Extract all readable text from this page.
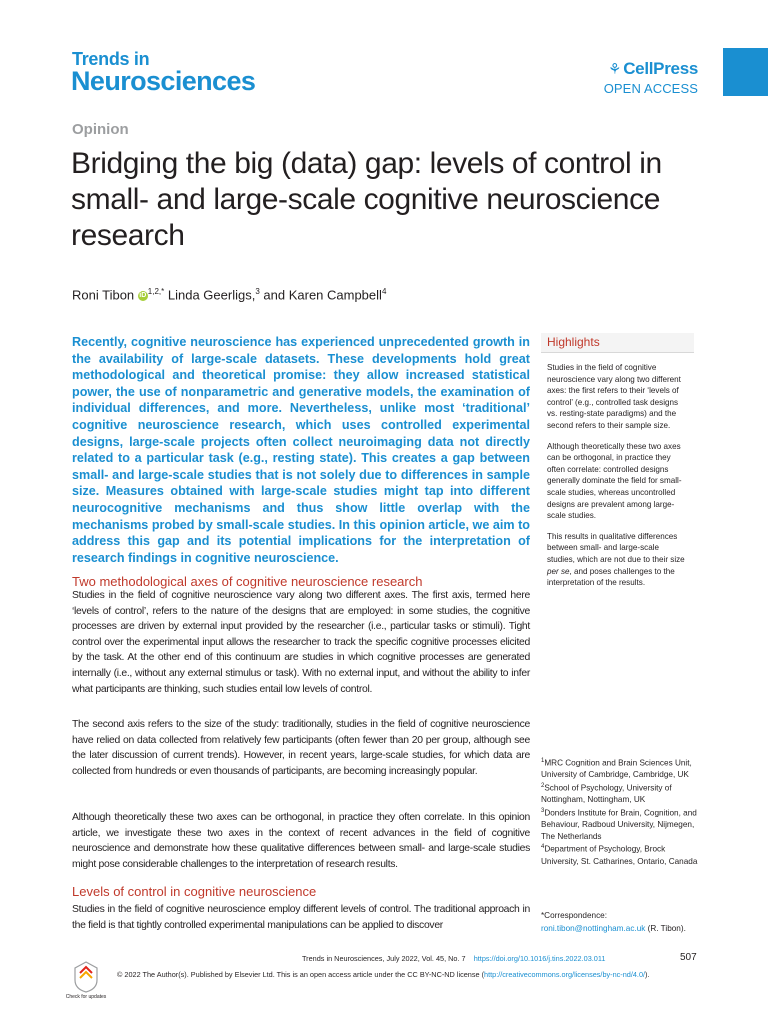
Trends in
Neurosciences	⚘ CellPress
OPEN ACCESS
Opinion
Bridging the big (data) gap: levels of control in small- and large-scale cognitive neuroscience research
Roni Tibon iD $^{1,2,*}$ Linda Geerligs,$^3$ and Karen Campbell$^4$
Recently, cognitive neuroscience has experienced unprecedented growth in the availability of large-scale datasets. These developments hold great methodological and theoretical promise: they allow increased statistical power, the use of nonparametric and generative models, the examination of individual differences, and more. Nevertheless, unlike most ‘traditional’ cognitive neuroscience research, which uses controlled experimental designs, large-scale projects often collect neuroimaging data not directly related to a particular task (e.g., resting state). This creates a gap between small- and large-scale studies that is not solely due to differences in sample size. Measures obtained with large-scale studies might tap into different neurocognitive mechanisms and thus show little overlap with the mechanisms probed by small-scale studies. In this opinion article, we aim to address this gap and its potential implications for the interpretation of research findings in cognitive neuroscience.
Highlights
Studies in the field of cognitive neuroscience vary along two different axes: the first refers to their ‘levels of control’ (e.g., controlled task designs vs. resting-state paradigms) and the second refers to their sample size.
Although theoretically these two axes can be orthogonal, in practice they often correlate: controlled designs generally dominate the field for small-scale studies, whereas uncontrolled designs are prevalent among large-scale studies.
This results in qualitative differences between small- and large-scale studies, which are not due to their size per se, and poses challenges to the interpretation of the results.
Two methodological axes of cognitive neuroscience research
Studies in the field of cognitive neuroscience vary along two different axes. The first axis, termed here ‘levels of control’, refers to the nature of the designs that are employed: in some studies, the cognitive processes are driven by external input provided by the researcher (i.e., particular tasks or stimuli). Tight control over the experimental input allows the researcher to track the specific cognitive processes elicited by the task. At the other end of this continuum are studies in which cognitive processes are generated internally (i.e., without any external stimulus or task). With no external input, and without the ability to infer what participants are thinking, such studies entail low levels of control.
The second axis refers to the size of the study: traditionally, studies in the field of cognitive neuroscience have relied on data collected from relatively few participants (often fewer than 20 per group, although see the later discussion of current trends). However, in recent years, large-scale studies, for which data are collected from hundreds or even thousands of participants, are becoming increasingly popular.
Although theoretically these two axes can be orthogonal, in practice they often correlate. In this opinion article, we investigate these two axes in the context of recent advances in the field of cognitive neuroscience and demonstrate how these qualitative differences between small- and large-scale studies might pose considerable challenges to the interpretation of research results.
Levels of control in cognitive neuroscience
Studies in the field of cognitive neuroscience employ different levels of control. The traditional approach in the field is that tightly controlled experimental manipulations can be applied to discover
$^1$MRC Cognition and Brain Sciences Unit, University of Cambridge, Cambridge, UK
$^2$School of Psychology, University of Nottingham, Nottingham, UK
$^3$Donders Institute for Brain, Cognition, and Behaviour, Radboud University, Nijmegen, The Netherlands
$^4$Department of Psychology, Brock University, St. Catharines, Ontario, Canada
*Correspondence:
roni.tibon@nottingham.ac.uk (R. Tibon).
Trends in Neurosciences, July 2022, Vol. 45, No. 7 https://doi.org/10.1016/j.tins.2022.03.011	507
© 2022 The Author(s). Published by Elsevier Ltd. This is an open access article under the CC BY-NC-ND license (http://creativecommons.org/licenses/by-nc-nd/4.0/).
Check for updates
